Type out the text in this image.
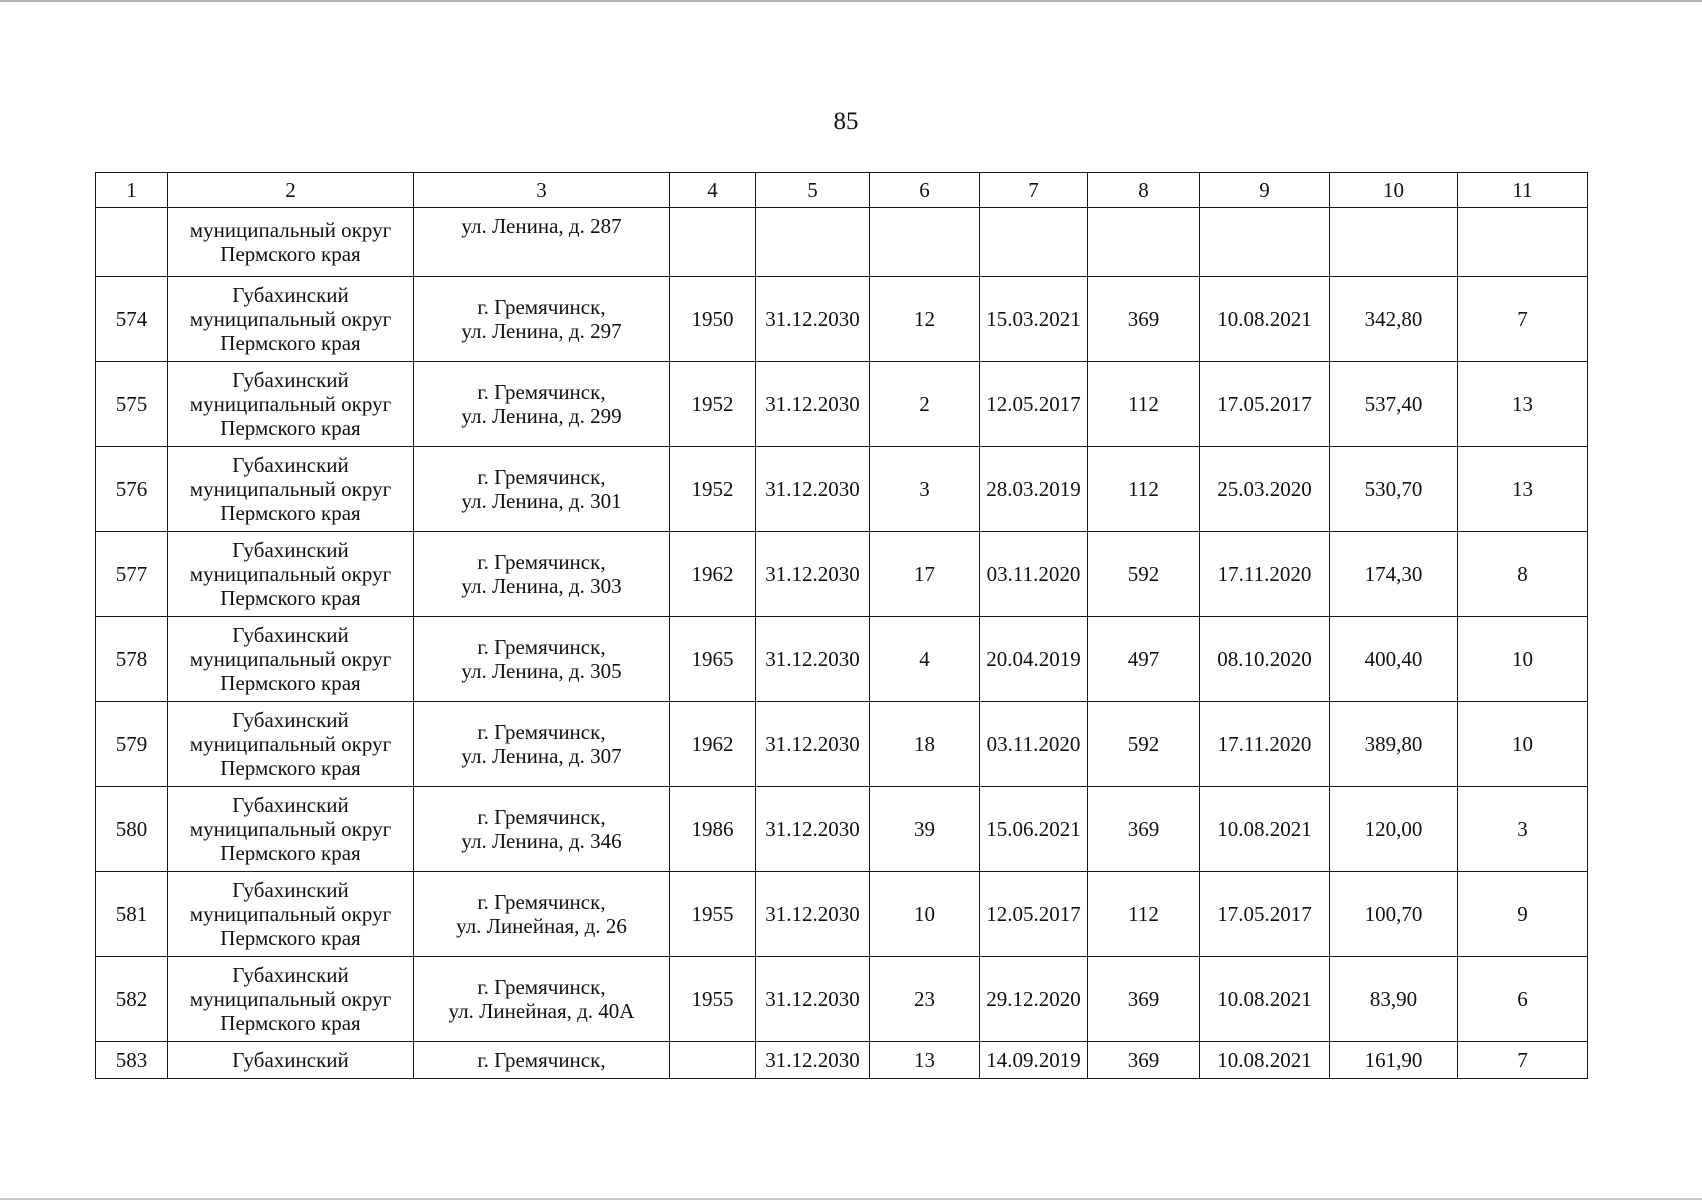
85
1	2	3	4	5	6	7	8	9	10	11

	муниципальный округ
Пермского края	ул. Ленина, д. 287								

574	Губахинский
муниципальный округ
Пермского края	г. Гремячинск,
ул. Ленина, д. 297	1950	31.12.2030	12	15.03.2021	369	10.08.2021	342,80	7
575	Губахинский
муниципальный округ
Пермского края	г. Гремячинск,
ул. Ленина, д. 299	1952	31.12.2030	2	12.05.2017	112	17.05.2017	537,40	13
576	Губахинский
муниципальный округ
Пермского края	г. Гремячинск,
ул. Ленина, д. 301	1952	31.12.2030	3	28.03.2019	112	25.03.2020	530,70	13
577	Губахинский
муниципальный округ
Пермского края	г. Гремячинск,
ул. Ленина, д. 303	1962	31.12.2030	17	03.11.2020	592	17.11.2020	174,30	8
578	Губахинский
муниципальный округ
Пермского края	г. Гремячинск,
ул. Ленина, д. 305	1965	31.12.2030	4	20.04.2019	497	08.10.2020	400,40	10
579	Губахинский
муниципальный округ
Пермского края	г. Гремячинск,
ул. Ленина, д. 307	1962	31.12.2030	18	03.11.2020	592	17.11.2020	389,80	10
580	Губахинский
муниципальный округ
Пермского края	г. Гремячинск,
ул. Ленина, д. 346	1986	31.12.2030	39	15.06.2021	369	10.08.2021	120,00	3
581	Губахинский
муниципальный округ
Пермского края	г. Гремячинск,
ул. Линейная, д. 26	1955	31.12.2030	10	12.05.2017	112	17.05.2017	100,70	9
582	Губахинский
муниципальный округ
Пермского края	г. Гремячинск,
ул. Линейная, д. 40А	1955	31.12.2030	23	29.12.2020	369	10.08.2021	83,90	6
583	Губахинский	г. Гремячинск,		31.12.2030	13	14.09.2019	369	10.08.2021	161,90	7
